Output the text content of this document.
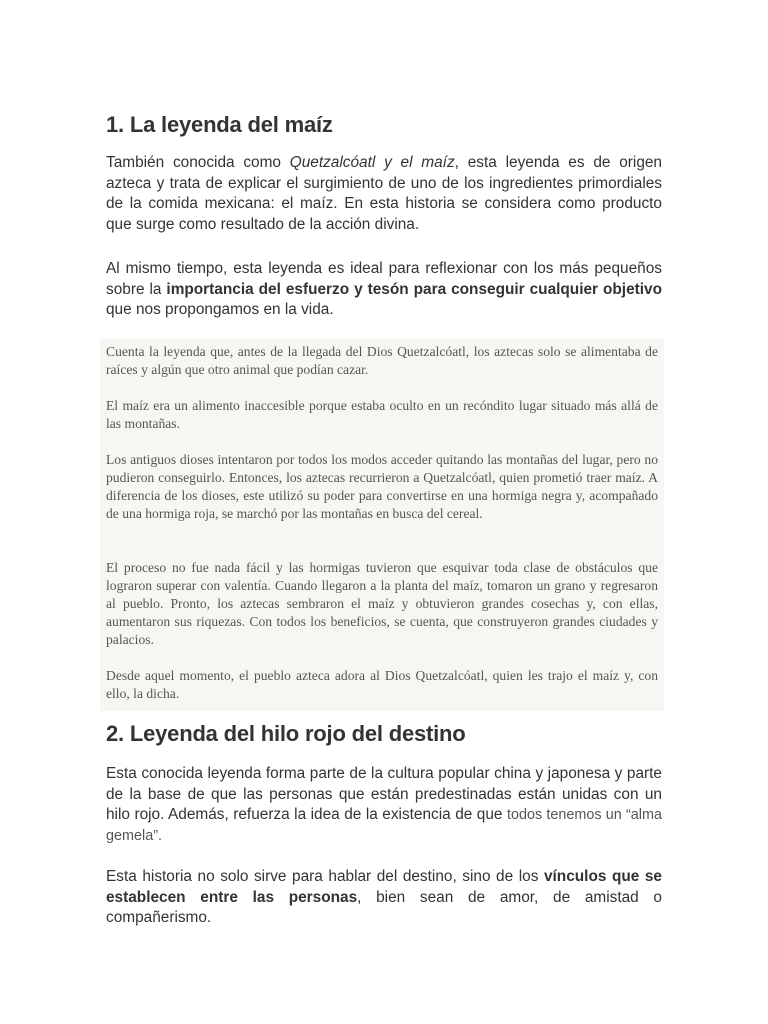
1. La leyenda del maíz

También conocida como Quetzalcóatl y el maíz, esta leyenda es de origen azteca y trata de explicar el surgimiento de uno de los ingredientes primordiales de la comida mexicana: el maíz. En esta historia se considera como producto que surge como resultado de la acción divina.

Al mismo tiempo, esta leyenda es ideal para reflexionar con los más pequeños sobre la importancia del esfuerzo y tesón para conseguir cualquier objetivo que nos propongamos en la vida.

2. Leyenda del hilo rojo del destino

Esta conocida leyenda forma parte de la cultura popular china y japonesa y parte de la base de que las personas que están predestinadas están unidas con un hilo rojo. Además, refuerza la idea de la existencia de que todos tenemos un “alma gemela”.

Esta historia no solo sirve para hablar del destino, sino de los vínculos que se establecen entre las personas, bien sean de amor, de amistad o compañerismo.

Cuenta la leyenda que, antes de la llegada del Dios Quetzalcóatl, los aztecas solo se alimentaba de raíces y algún que otro animal que podían cazar.

El maíz era un alimento inaccesible porque estaba oculto en un recóndito lugar situado más allá de las montañas.

Los antiguos dioses intentaron por todos los modos acceder quitando las montañas del lugar, pero no pudieron conseguirlo. Entonces, los aztecas recurrieron a Quetzalcóatl, quien prometió traer maíz. A diferencia de los dioses, este utilizó su poder para convertirse en una hormiga negra y, acompañado de una hormiga roja, se marchó por las montañas en busca del cereal.

El proceso no fue nada fácil y las hormigas tuvieron que esquivar toda clase de obstáculos que lograron superar con valentía. Cuando llegaron a la planta del maíz, tomaron un grano y regresaron al pueblo. Pronto, los aztecas sembraron el maíz y obtuvieron grandes cosechas y, con ellas, aumentaron sus riquezas. Con todos los beneficios, se cuenta, que construyeron grandes ciudades y palacios.

Desde aquel momento, el pueblo azteca adora al Dios Quetzalcóatl, quien les trajo el maíz y, con ello, la dicha.
